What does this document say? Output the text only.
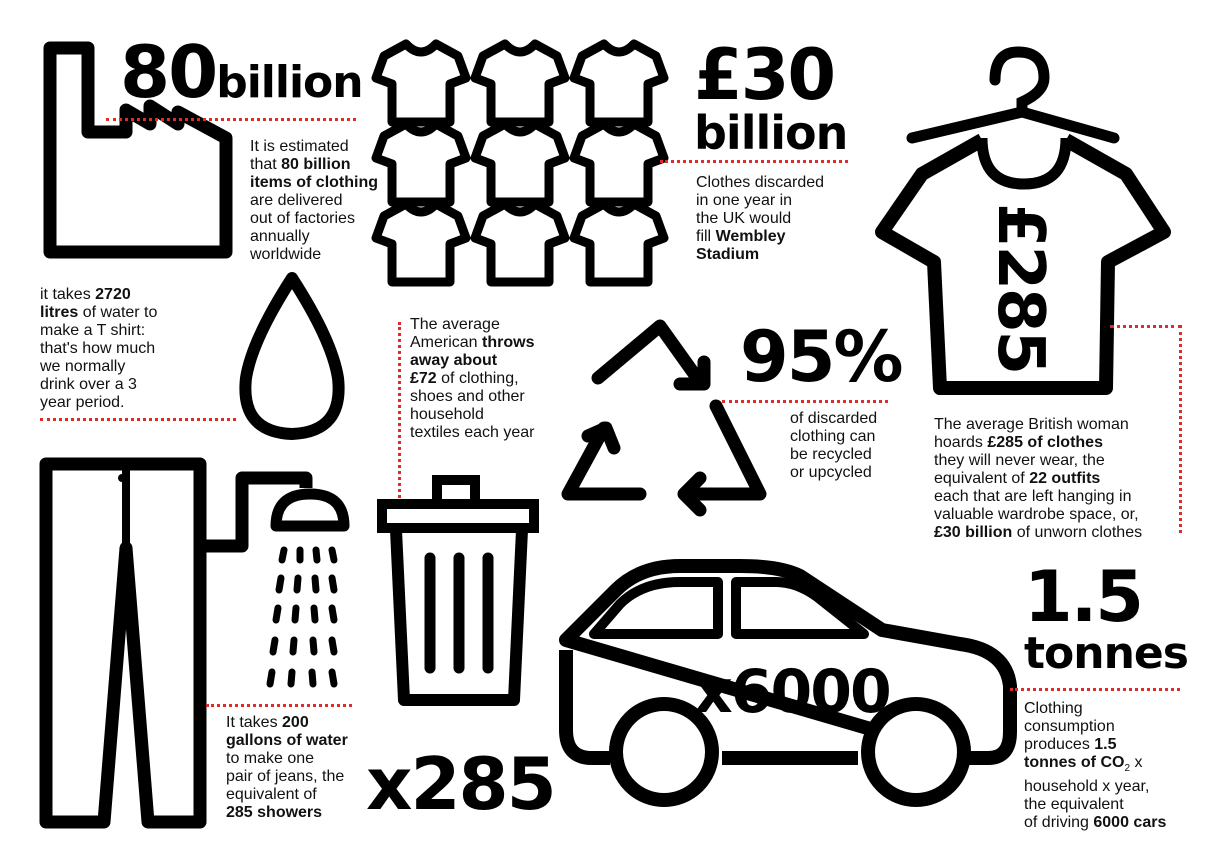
80billion
It is estimated
that 80 billion
items of clothing
are delivered
out of factories
annually
worldwide
£30
billion
Clothes discarded
in one year in
the UK would
fill Wembley
Stadium	£285
The average British woman
hoards £285 of clothes
they will never wear, the
equivalent of 22 outfits
each that are left hanging in
valuable wardrobe space, or,
£30 billion of unworn clothes
it takes 2720
litres of water to
make a T shirt:
that's how much
we normally
drink over a 3
year period.
The average
American throws
away about
£72 of clothing,
shoes and other
household
textiles each year
95%
of discarded
clothing can
be recycled
or upcycled
It takes 200
gallons of water
to make one
pair of jeans, the
equivalent of
285 showers x285
x6000
1.5
tonnes
Clothing
consumption
produces 1.5
tonnes of $CO_2$ x
household x year,
the equivalent
of driving 6000 cars
